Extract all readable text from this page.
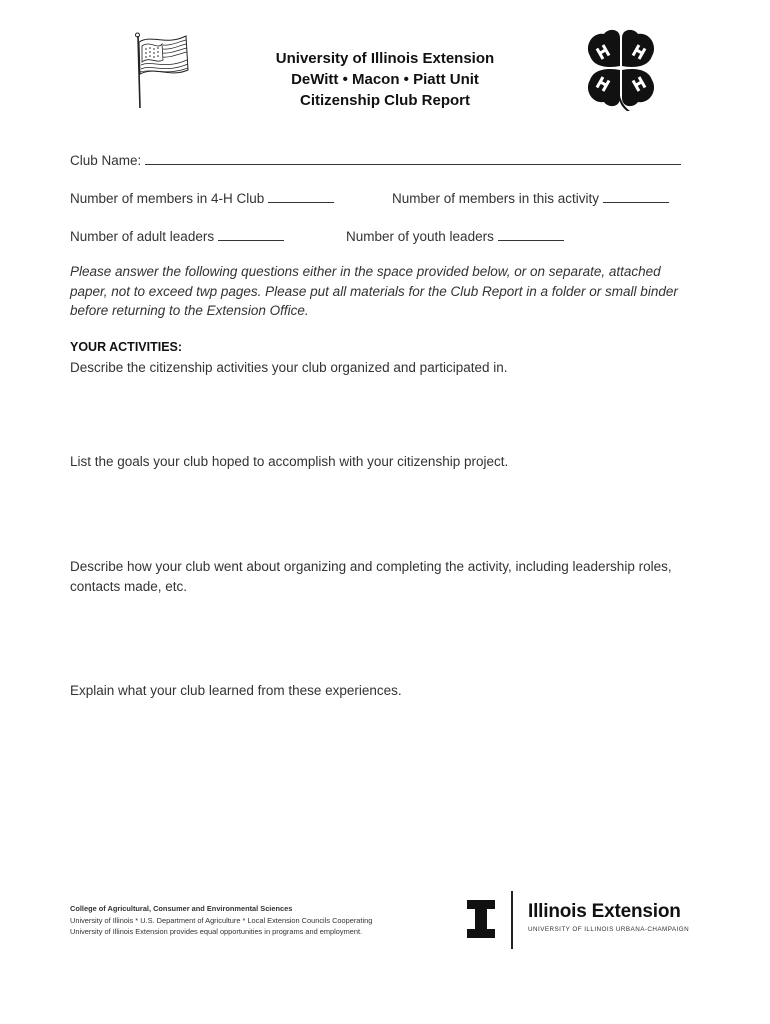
University of Illinois Extension
DeWitt • Macon • Piatt Unit
Citizenship Club Report
Club Name:
Number of members in 4-H Club	Number of members in this activity
Number of adult leaders	Number of youth leaders
Please answer the following questions either in the space provided below, or on separate, attached paper, not to exceed twp pages. Please put all materials for the Club Report in a folder or small binder before returning to the Extension Office.
YOUR ACTIVITIES:
Describe the citizenship activities your club organized and participated in.
List the goals your club hoped to accomplish with your citizenship project.
Describe how your club went about organizing and completing the activity, including leadership roles, contacts made, etc.
Explain what your club learned from these experiences.
College of Agricultural, Consumer and Environmental Sciences
University of Illinois * U.S. Department of Agriculture * Local Extension Councils Cooperating
University of Illinois Extension provides equal opportunities in programs and employment.
Illinois Extension
UNIVERSITY OF ILLINOIS URBANA-CHAMPAIGN
